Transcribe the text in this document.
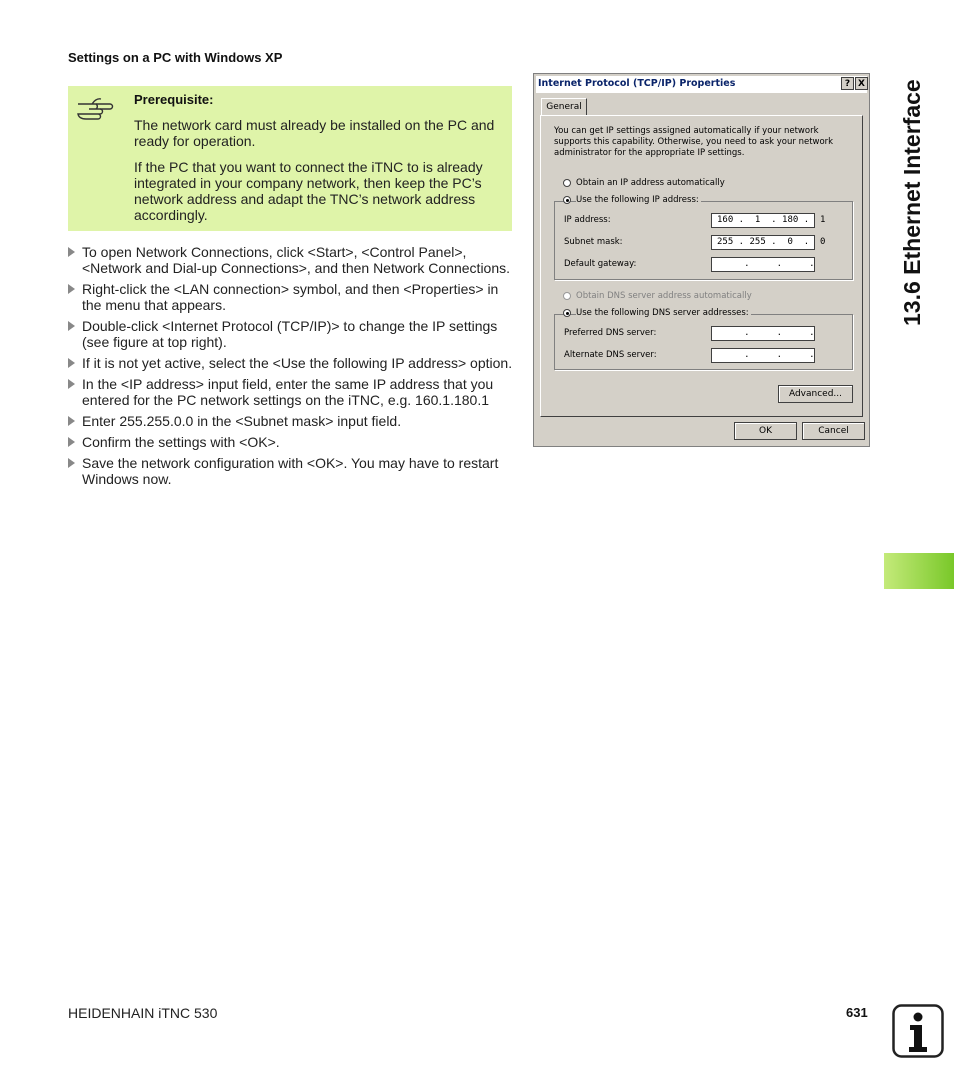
Settings on a PC with Windows XP
Prerequisite:
The network card must already be installed on the PC and ready for operation.
If the PC that you want to connect the iTNC to is already integrated in your company network, then keep the PC’s network address and adapt the TNC’s network address accordingly.
To open Network Connections, click <Start>, <Control Panel>, <Network and Dial-up Connections>, and then Network Connections.
Right-click the <LAN connection> symbol, and then <Properties> in the menu that appears.
Double-click <Internet Protocol (TCP/IP)> to change the IP settings (see figure at top right).
If it is not yet active, select the <Use the following IP address> option.
In the <IP address> input field, enter the same IP address that you entered for the PC network settings on the iTNC, e.g. 160.1.180.1
Enter 255.255.0.0 in the <Subnet mask> input field.
Confirm the settings with <OK>.
Save the network configuration with <OK>. You may have to restart Windows now.
Internet Protocol (TCP/IP) Properties	? X
General
You can get IP settings assigned automatically if your network supports this capability. Otherwise, you need to ask your network administrator for the appropriate IP settings.
Obtain an IP address automatically
Use the following IP address:
IP address:	160 .  1  . 180 .  1
Subnet mask:	255 . 255 .  0  .  0
Default gateway:	.     .     .
Obtain DNS server address automatically
Use the following DNS server addresses:
Preferred DNS server:	.     .     .
Alternate DNS server:	.     .     .
Advanced...
OK	Cancel
13.6 Ethernet Interface
HEIDENHAIN iTNC 530	631
